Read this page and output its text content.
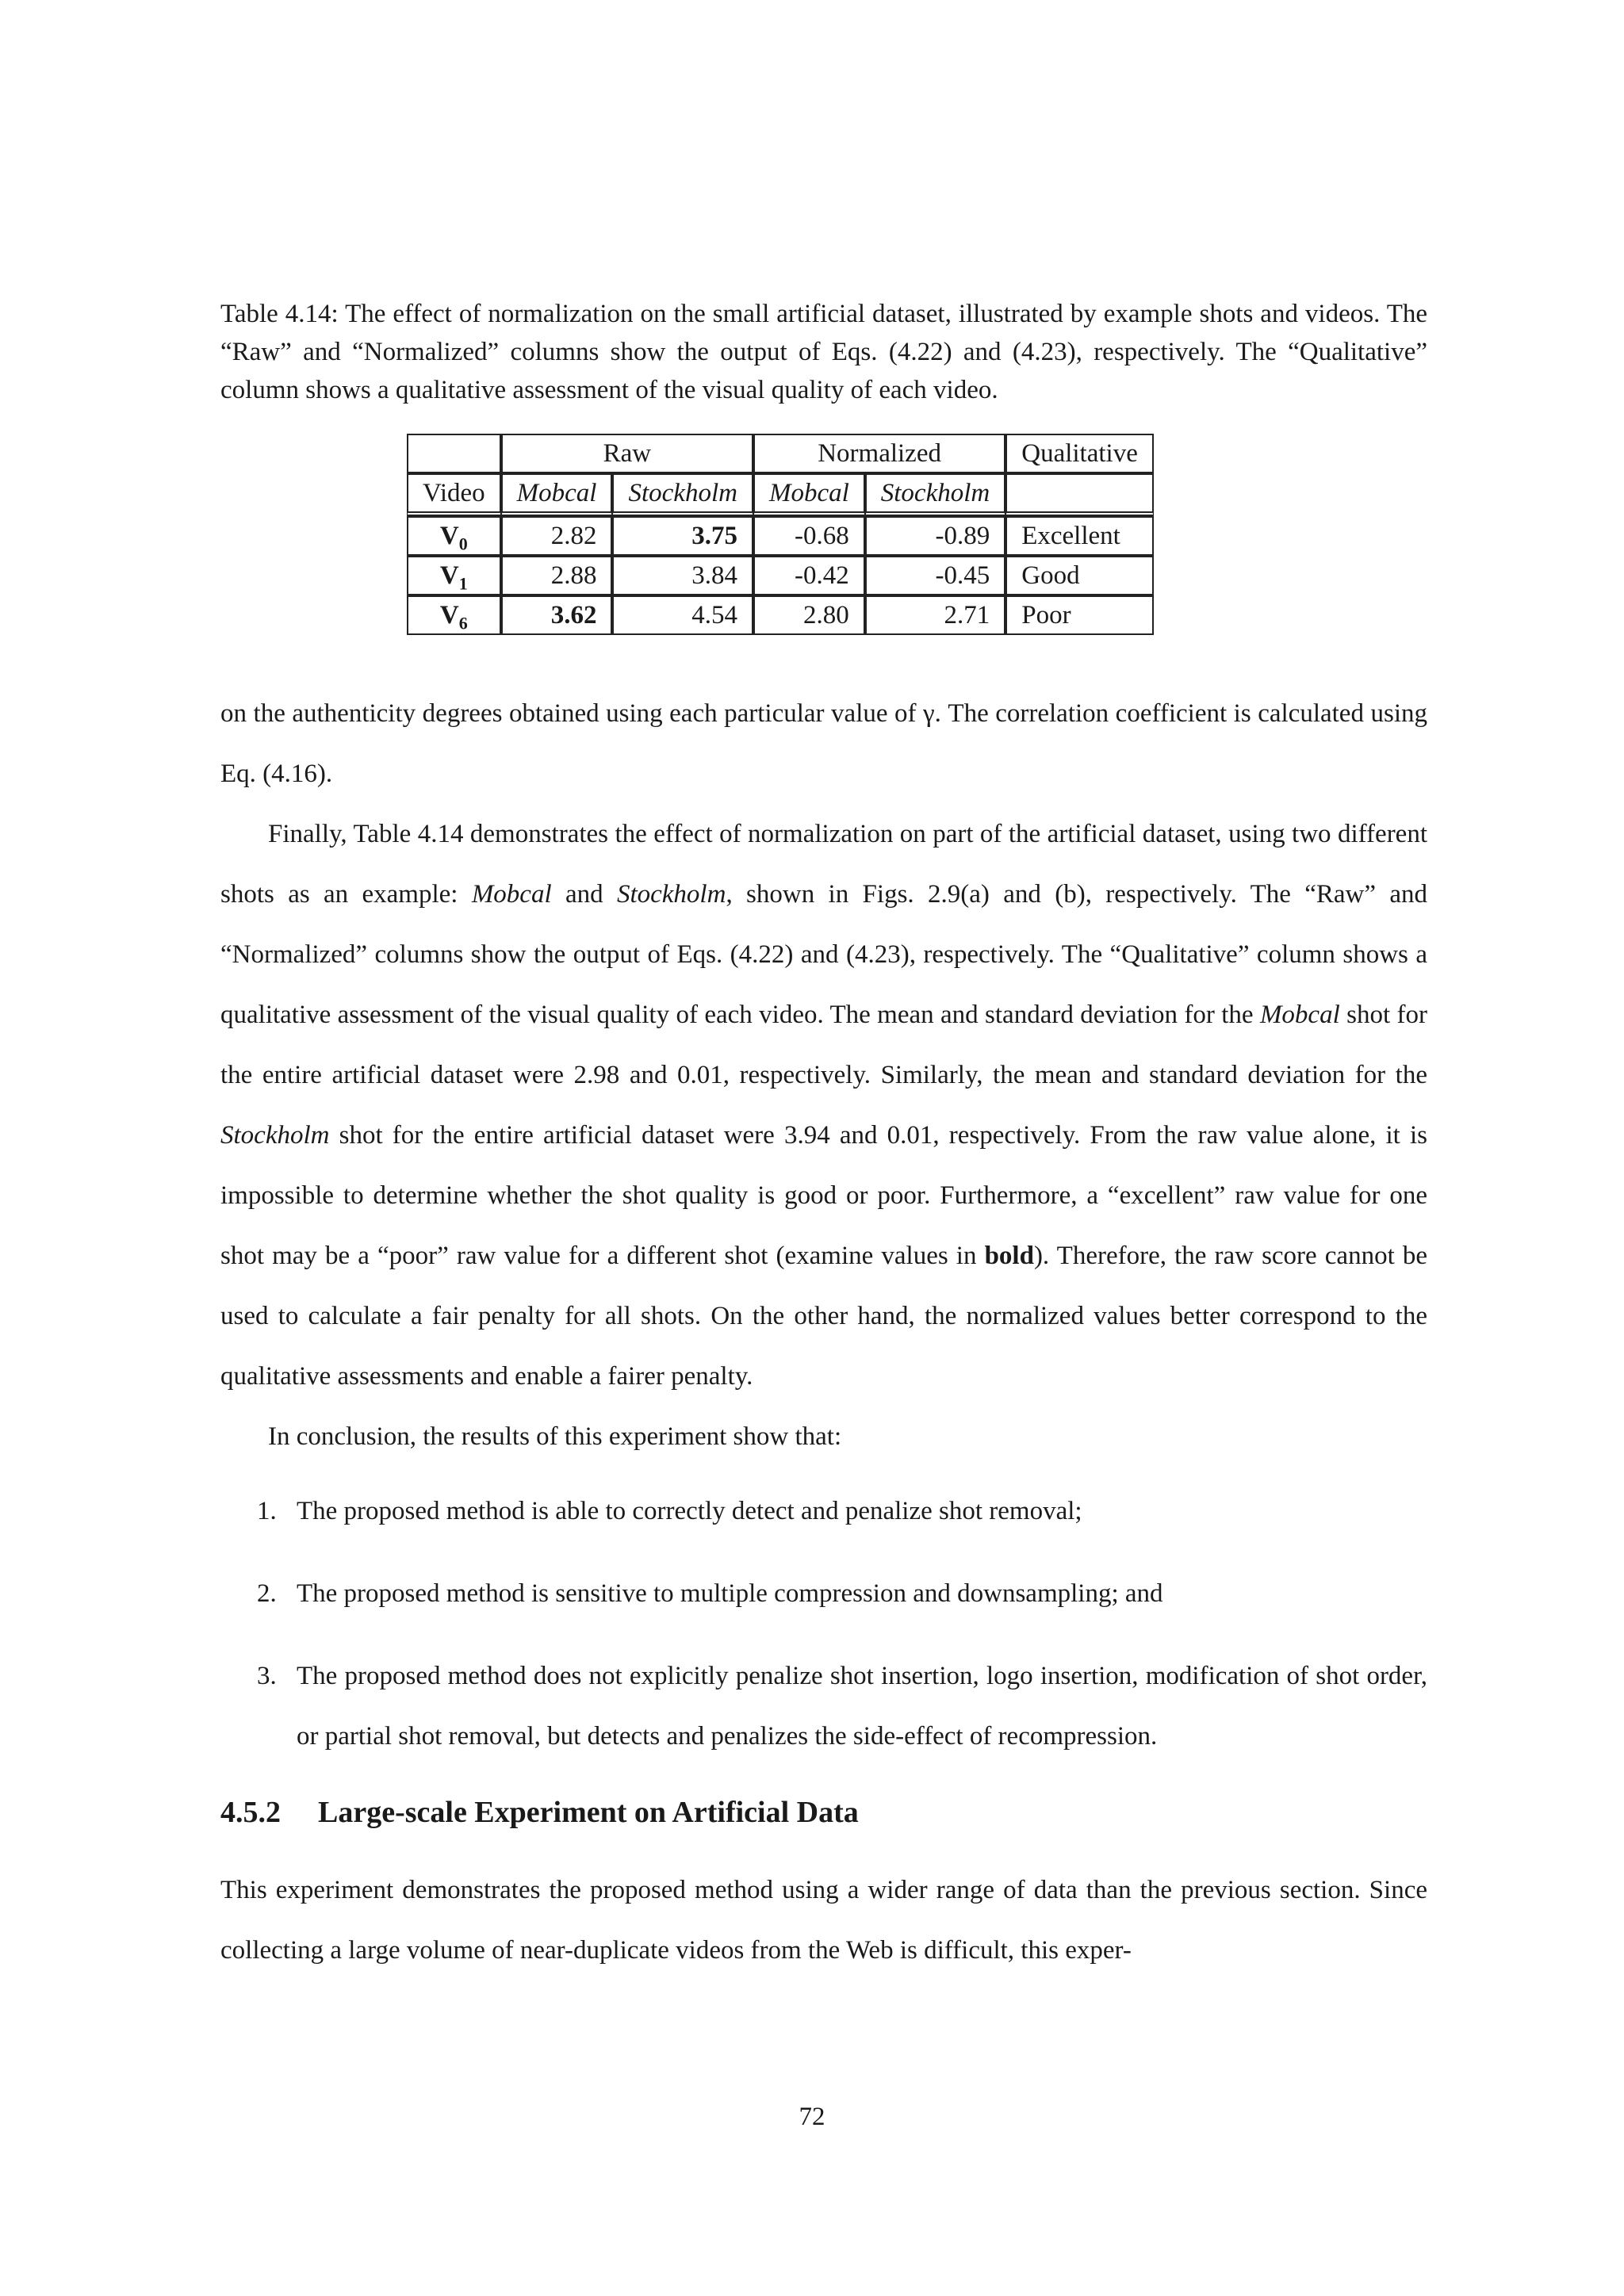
Table 4.14: The effect of normalization on the small artificial dataset, illustrated by example shots and videos. The “Raw” and “Normalized” columns show the output of Eqs. (4.22) and (4.23), respectively. The “Qualitative” column shows a qualitative assessment of the visual quality of each video.

	Raw		Normalized		Qualitative
Video	Mobcal	Stockholm	Mobcal	Stockholm	
$V_0$	2.82	3.75	-0.68	-0.89	Excellent
$V_1$	2.88	3.84	-0.42	-0.45	Good
$V_6$	3.62	4.54	2.80	2.71	Poor

on the authenticity degrees obtained using each particular value of γ. The correlation coefficient is calculated using Eq. (4.16).

Finally, Table 4.14 demonstrates the effect of normalization on part of the artificial dataset, using two different shots as an example: Mobcal and Stockholm, shown in Figs. 2.9(a) and (b), respectively. The “Raw” and “Normalized” columns show the output of Eqs. (4.22) and (4.23), respectively. The “Qualitative” column shows a qualitative assessment of the visual quality of each video. The mean and standard deviation for the Mobcal shot for the entire artificial dataset were 2.98 and 0.01, respectively. Similarly, the mean and standard deviation for the Stockholm shot for the entire artificial dataset were 3.94 and 0.01, respectively. From the raw value alone, it is impossible to determine whether the shot quality is good or poor. Furthermore, a “excellent” raw value for one shot may be a “poor” raw value for a different shot (examine values in bold). Therefore, the raw score cannot be used to calculate a fair penalty for all shots. On the other hand, the normalized values better correspond to the qualitative assessments and enable a fairer penalty.

In conclusion, the results of this experiment show that:

1. The proposed method is able to correctly detect and penalize shot removal;
2. The proposed method is sensitive to multiple compression and downsampling; and
3. The proposed method does not explicitly penalize shot insertion, logo insertion, modification of shot order, or partial shot removal, but detects and penalizes the side-effect of recompression.
4.5.2 Large-scale Experiment on Artificial Data

This experiment demonstrates the proposed method using a wider range of data than the previous section. Since collecting a large volume of near-duplicate videos from the Web is difficult, this exper-

72
